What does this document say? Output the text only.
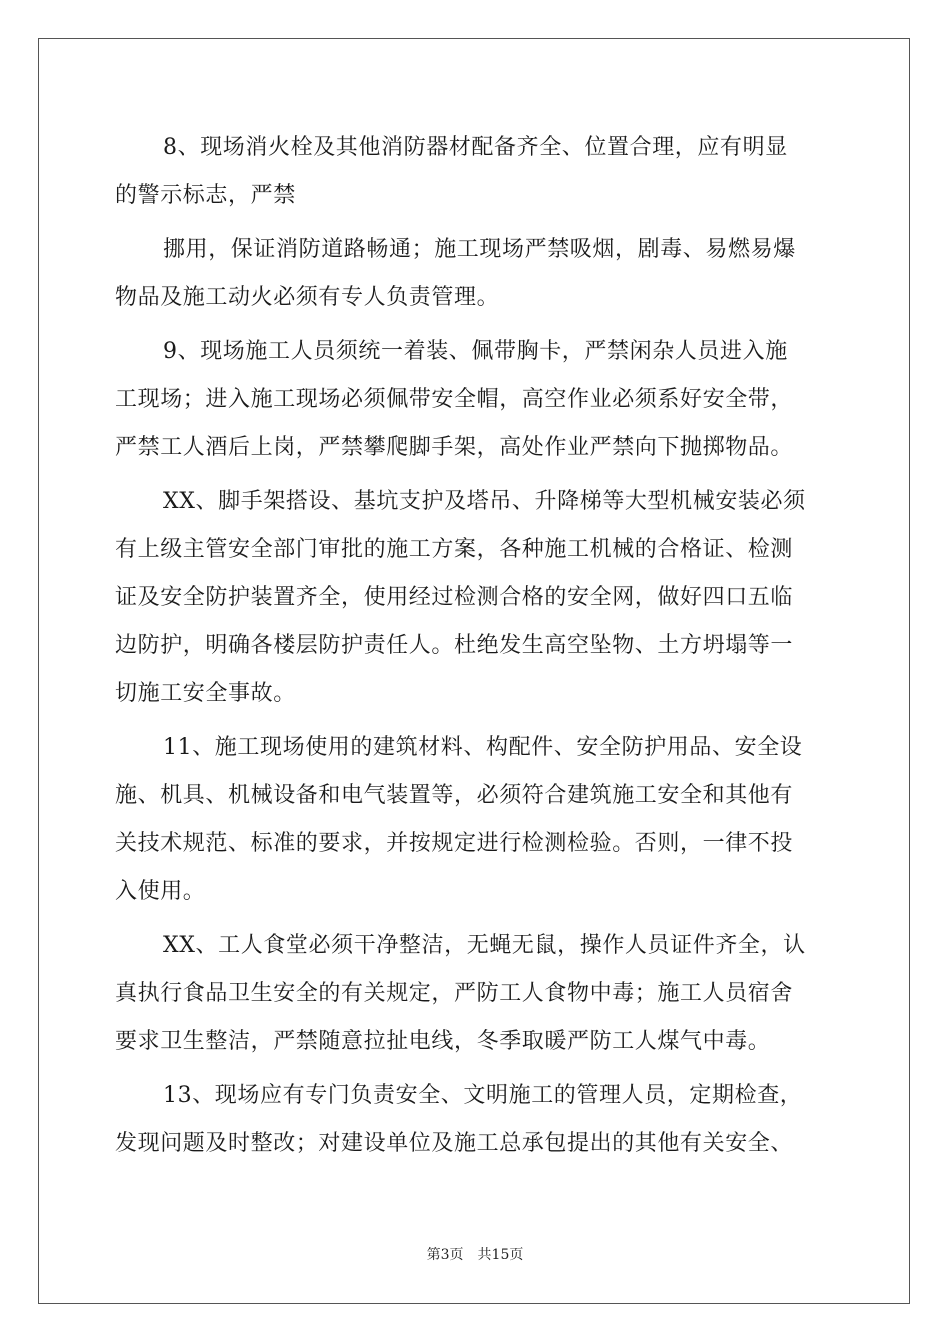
8、现场消火栓及其他消防器材配备齐全、位置合理，应有明显
的警示标志，严禁
挪用，保证消防道路畅通；施工现场严禁吸烟，剧毒、易燃易爆
物品及施工动火必须有专人负责管理。
9、现场施工人员须统一着装、佩带胸卡，严禁闲杂人员进入施
工现场；进入施工现场必须佩带安全帽，高空作业必须系好安全带，
严禁工人酒后上岗，严禁攀爬脚手架，高处作业严禁向下抛掷物品。
XX、脚手架搭设、基坑支护及塔吊、升降梯等大型机械安装必须
有上级主管安全部门审批的施工方案，各种施工机械的合格证、检测
证及安全防护装置齐全，使用经过检测合格的安全网，做好四口五临
边防护，明确各楼层防护责任人。杜绝发生高空坠物、土方坍塌等一
切施工安全事故。
11、施工现场使用的建筑材料、构配件、安全防护用品、安全设
施、机具、机械设备和电气装置等，必须符合建筑施工安全和其他有
关技术规范、标准的要求，并按规定进行检测检验。否则，一律不投
入使用。
XX、工人食堂必须干净整洁，无蝇无鼠，操作人员证件齐全，认
真执行食品卫生安全的有关规定，严防工人食物中毒；施工人员宿舍
要求卫生整洁，严禁随意拉扯电线，冬季取暖严防工人煤气中毒。
13、现场应有专门负责安全、文明施工的管理人员，定期检查，
发现问题及时整改；对建设单位及施工总承包提出的其他有关安全、
第3页 共15页
